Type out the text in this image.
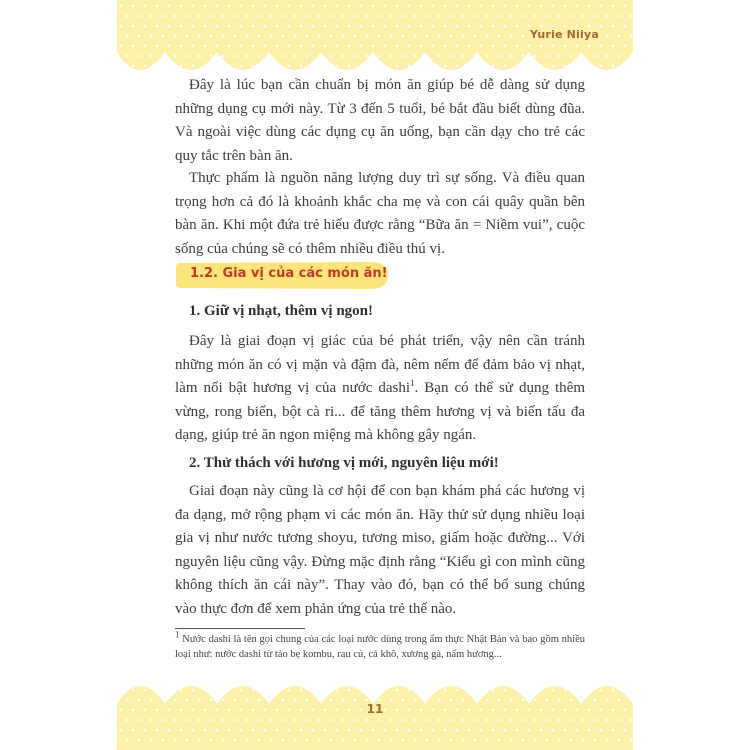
Yurie Niiya

Đây là lúc bạn cần chuẩn bị món ăn giúp bé dễ dàng sử dụng những dụng cụ mới này. Từ 3 đến 5 tuổi, bé bắt đầu biết dùng đũa. Và ngoài việc dùng các dụng cụ ăn uống, bạn cần dạy cho trẻ các quy tắc trên bàn ăn.

Thực phẩm là nguồn năng lượng duy trì sự sống. Và điều quan trọng hơn cả đó là khoảnh khắc cha mẹ và con cái quây quần bên bàn ăn. Khi một đứa trẻ hiểu được rằng “Bữa ăn = Niềm vui”, cuộc sống của chúng sẽ có thêm nhiều điều thú vị.

1.2. Gia vị của các món ăn!
1. Giữ vị nhạt, thêm vị ngon!

Đây là giai đoạn vị giác của bé phát triển, vậy nên cần tránh những món ăn có vị mặn và đậm đà, nêm nếm để đảm bảo vị nhạt, làm nổi bật hương vị của nước dashi$^1$. Bạn có thể sử dụng thêm vừng, rong biển, bột cà ri... để tăng thêm hương vị và biến tấu đa dạng, giúp trẻ ăn ngon miệng mà không gây ngán.

2. Thử thách với hương vị mới, nguyên liệu mới!

Giai đoạn này cũng là cơ hội để con bạn khám phá các hương vị đa dạng, mở rộng phạm vi các món ăn. Hãy thử sử dụng nhiều loại gia vị như nước tương shoyu, tương miso, giấm hoặc đường... Với nguyên liệu cũng vậy. Đừng mặc định rằng “Kiểu gì con mình cũng không thích ăn cái này”. Thay vào đó, bạn có thể bổ sung chúng vào thực đơn để xem phản ứng của trẻ thế nào.

$^1$ Nước dashi là tên gọi chung của các loại nước dùng trong ẩm thực Nhật Bản và bao gồm nhiều loại như: nước dashi từ tảo bẹ kombu, rau củ, cá khô, xương gà, nấm hương...

11
